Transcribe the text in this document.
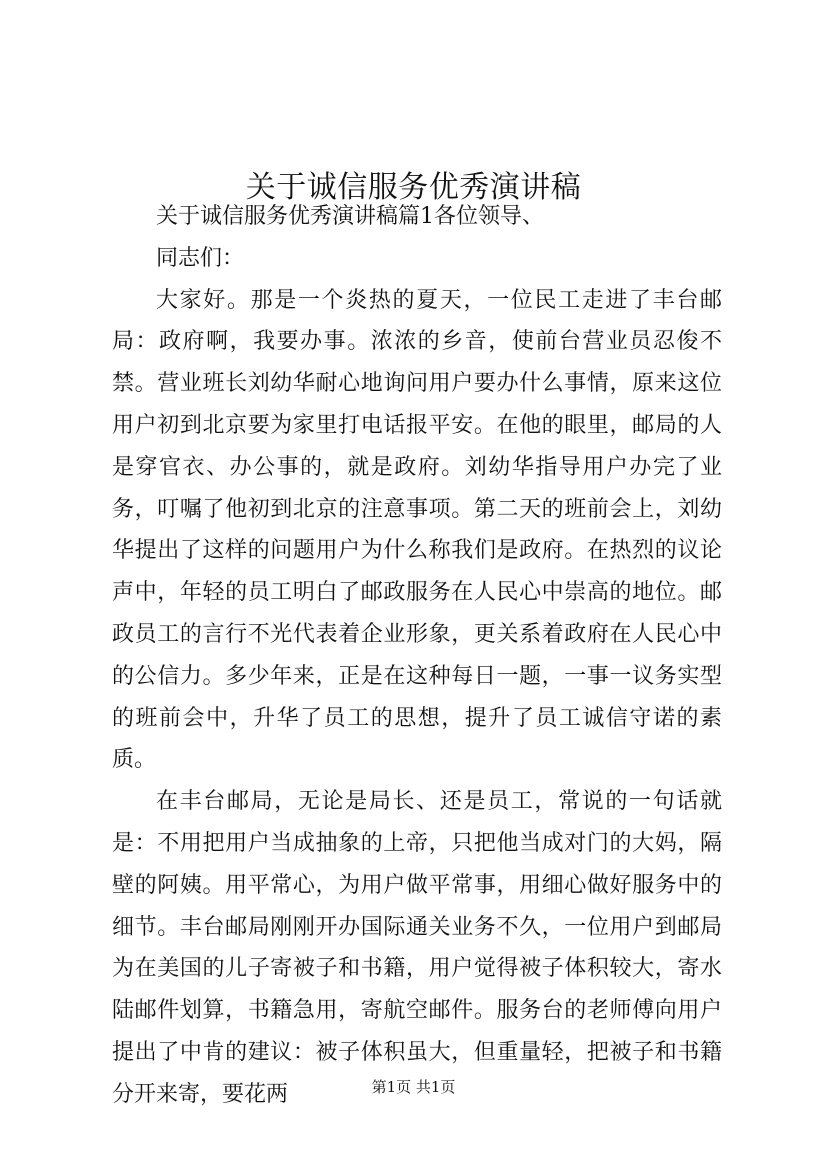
关于诚信服务优秀演讲稿

关于诚信服务优秀演讲稿篇1各位领导、

同志们：

大家好。那是一个炎热的夏天，一位民工走进了丰台邮局：政府啊，我要办事。浓浓的乡音，使前台营业员忍俊不禁。营业班长刘幼华耐心地询问用户要办什么事情，原来这位用户初到北京要为家里打电话报平安。在他的眼里，邮局的人是穿官衣、办公事的，就是政府。刘幼华指导用户办完了业务，叮嘱了他初到北京的注意事项。第二天的班前会上，刘幼华提出了这样的问题用户为什么称我们是政府。在热烈的议论声中，年轻的员工明白了邮政服务在人民心中崇高的地位。邮政员工的言行不光代表着企业形象，更关系着政府在人民心中的公信力。多少年来，正是在这种每日一题，一事一议务实型的班前会中，升华了员工的思想，提升了员工诚信守诺的素质。

在丰台邮局，无论是局长、还是员工，常说的一句话就是：不用把用户当成抽象的上帝，只把他当成对门的大妈，隔壁的阿姨。用平常心，为用户做平常事，用细心做好服务中的细节。丰台邮局刚刚开办国际通关业务不久，一位用户到邮局为在美国的儿子寄被子和书籍，用户觉得被子体积较大，寄水陆邮件划算，书籍急用，寄航空邮件。服务台的老师傅向用户提出了中肯的建议：被子体积虽大，但重量轻，把被子和书籍分开来寄，要花两	第1页 共1页
